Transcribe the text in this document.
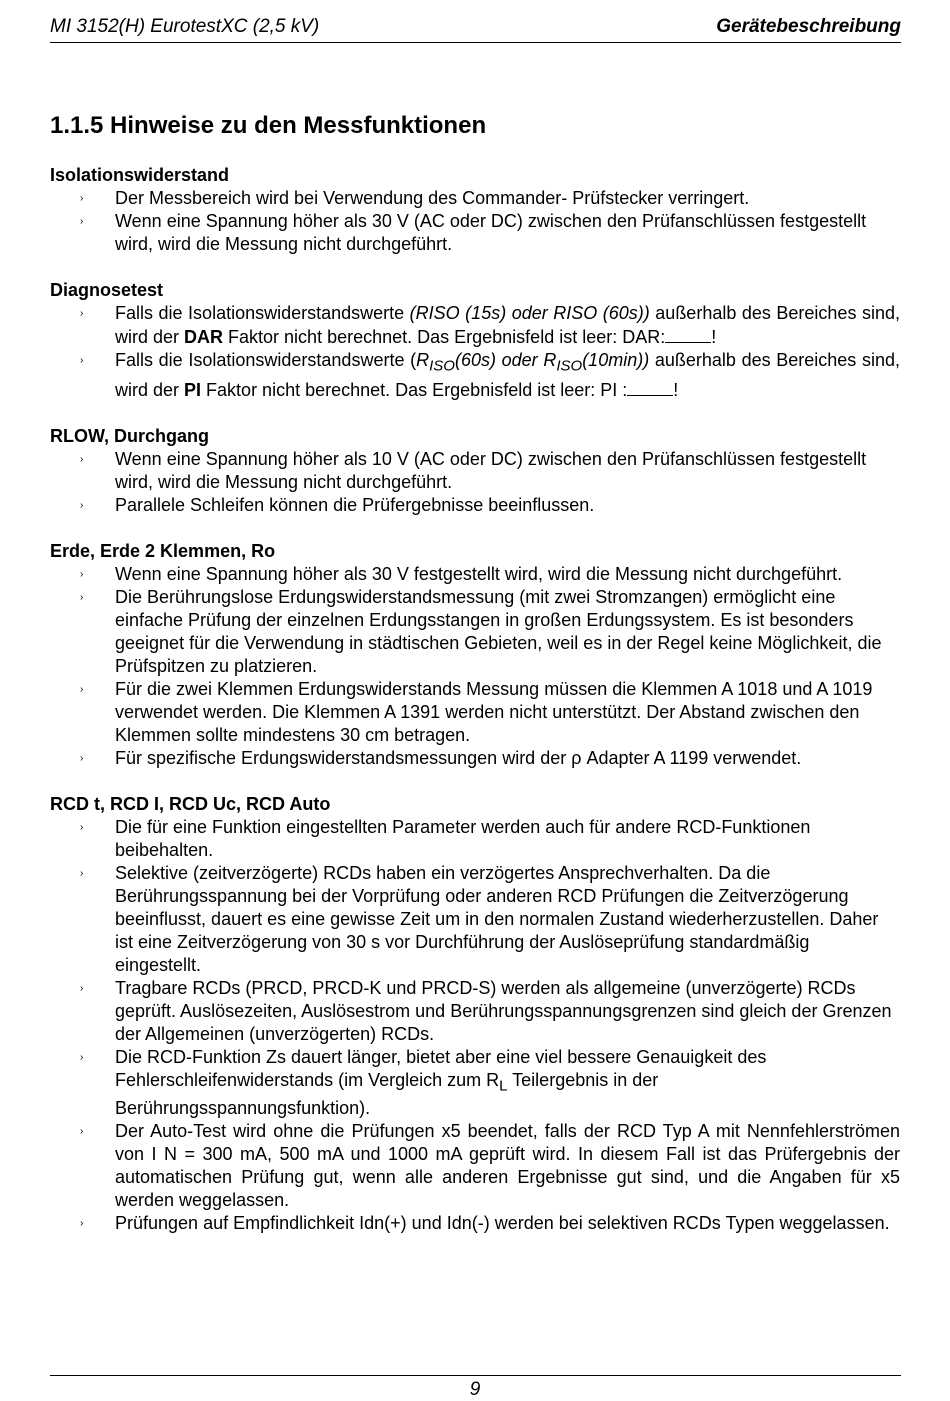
MI 3152(H) EurotestXC (2,5 kV)	Gerätebeschreibung
1.1.5 Hinweise zu den Messfunktionen
Isolationswiderstand
› Der Messbereich wird bei Verwendung des Commander- Prüfstecker verringert.
› Wenn eine Spannung höher als 30 V (AC oder DC) zwischen den Prüfanschlüssen festgestellt wird, wird die Messung nicht durchgeführt.
Diagnosetest
› Falls die Isolationswiderstandswerte (RISO (15s) oder RISO (60s)) außerhalb des Bereiches sind, wird der DAR Faktor nicht berechnet. Das Ergebnisfeld ist leer: DAR:	!
› Falls die Isolationswiderstandswerte ($R_{ISO}(60s)$ oder $R_{ISO}(10\min)$) außerhalb des Bereiches sind, wird der PI Faktor nicht berechnet. Das Ergebnisfeld ist leer: PI :	!
RLOW, Durchgang
› Wenn eine Spannung höher als 10 V (AC oder DC) zwischen den Prüfanschlüssen festgestellt wird, wird die Messung nicht durchgeführt.
› Parallele Schleifen können die Prüfergebnisse beeinflussen.
Erde, Erde 2 Klemmen, Ro
› Wenn eine Spannung höher als 30 V festgestellt wird, wird die Messung nicht durchgeführt.
› Die Berührungslose Erdungswiderstandsmessung (mit zwei Stromzangen) ermöglicht eine einfache Prüfung der einzelnen Erdungsstangen in großen Erdungssystem. Es ist besonders geeignet für die Verwendung in städtischen Gebieten, weil es in der Regel keine Möglichkeit, die Prüfspitzen zu platzieren.
› Für die zwei Klemmen Erdungswiderstands Messung müssen die Klemmen A 1018 und A 1019 verwendet werden. Die Klemmen A 1391 werden nicht unterstützt. Der Abstand zwischen den Klemmen sollte mindestens 30 cm betragen.
› Für spezifische Erdungswiderstandsmessungen wird der ρ Adapter A 1199 verwendet.
RCD t, RCD I, RCD Uc, RCD Auto
› Die für eine Funktion eingestellten Parameter werden auch für andere RCD-Funktionen beibehalten.
› Selektive (zeitverzögerte) RCDs haben ein verzögertes Ansprechverhalten. Da die Berührungsspannung bei der Vorprüfung oder anderen RCD Prüfungen die Zeitverzögerung beeinflusst, dauert es eine gewisse Zeit um in den normalen Zustand wiederherzustellen. Daher ist eine Zeitverzögerung von 30 s vor Durchführung der Auslöseprüfung standardmäßig eingestellt.
› Tragbare RCDs (PRCD, PRCD-K und PRCD-S) werden als allgemeine (unverzögerte) RCDs geprüft. Auslösezeiten, Auslösestrom und Berührungsspannungsgrenzen sind gleich der Grenzen der Allgemeinen (unverzögerten) RCDs.
› Die RCD-Funktion Zs dauert länger, bietet aber eine viel bessere Genauigkeit des Fehlerschleifenwiderstands (im Vergleich zum $R_L$ Teilergebnis in der Berührungsspannungsfunktion).
› Der Auto-Test wird ohne die Prüfungen x5 beendet, falls der RCD Typ A mit Nennfehlerströmen von I N = 300 mA, 500 mA und 1000 mA geprüft wird. In diesem Fall ist das Prüfergebnis der automatischen Prüfung gut, wenn alle anderen Ergebnisse gut sind, und die Angaben für x5 werden weggelassen.
› Prüfungen auf Empfindlichkeit Idn(+) und Idn(-) werden bei selektiven RCDs Typen weggelassen.
9
